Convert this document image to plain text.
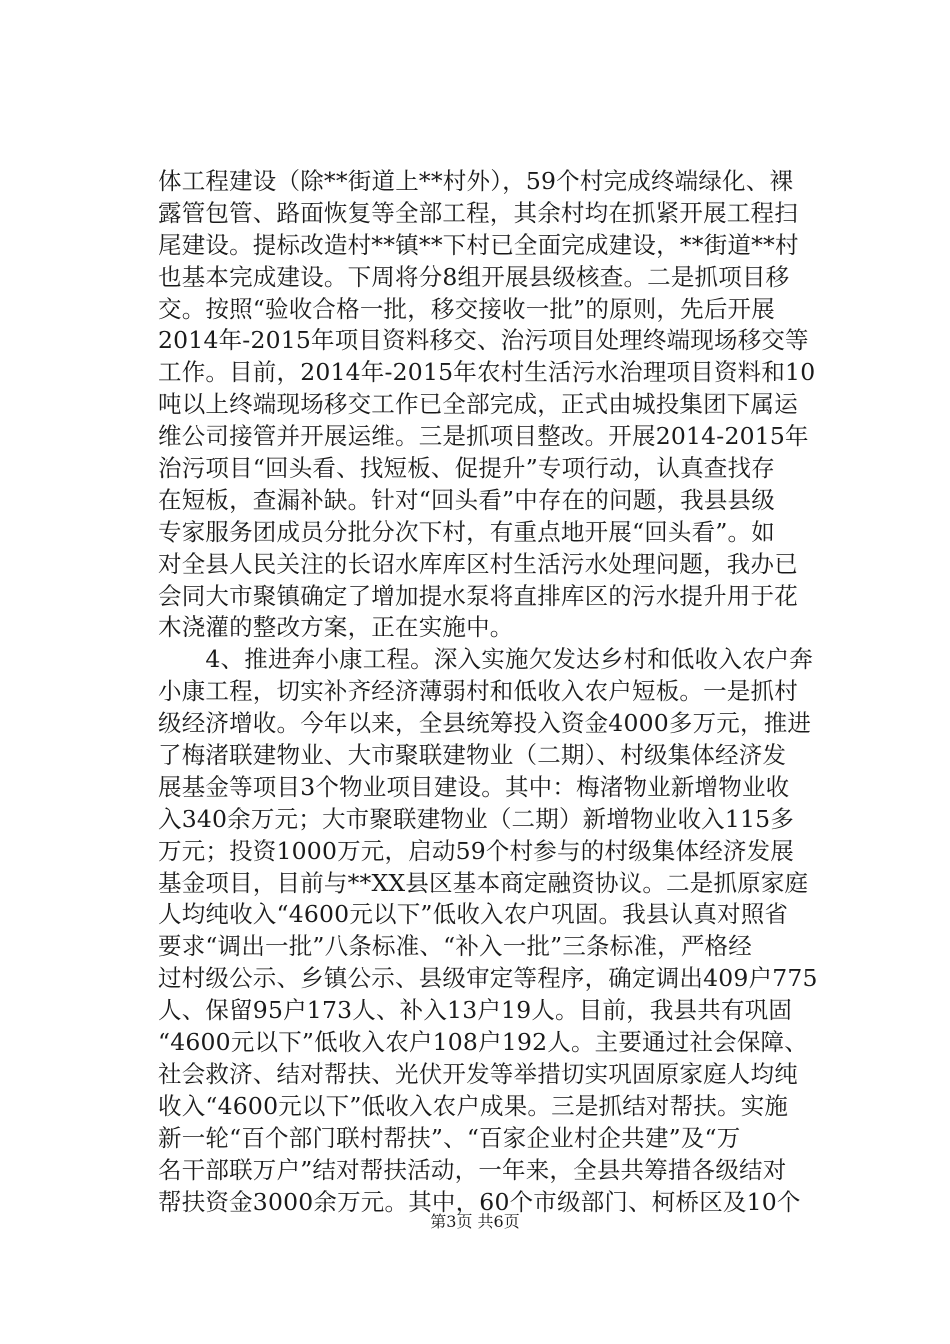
体工程建设（除**街道上**村外），59个村完成终端绿化、裸
露管包管、路面恢复等全部工程，其余村均在抓紧开展工程扫
尾建设。提标改造村**镇**下村已全面完成建设，**街道**村
也基本完成建设。下周将分8组开展县级核查。二是抓项目移
交。按照“验收合格一批，移交接收一批”的原则，先后开展
2014年-2015年项目资料移交、治污项目处理终端现场移交等
工作。目前，2014年-2015年农村生活污水治理项目资料和10
吨以上终端现场移交工作已全部完成，正式由城投集团下属运
维公司接管并开展运维。三是抓项目整改。开展2014-2015年
治污项目“回头看、找短板、促提升”专项行动，认真查找存
在短板，查漏补缺。针对“回头看”中存在的问题，我县县级
专家服务团成员分批分次下村，有重点地开展“回头看”。如
对全县人民关注的长诏水库库区村生活污水处理问题，我办已
会同大市聚镇确定了增加提水泵将直排库区的污水提升用于花
木浇灌的整改方案，正在实施中。
　　4、推进奔小康工程。深入实施欠发达乡村和低收入农户奔
小康工程，切实补齐经济薄弱村和低收入农户短板。一是抓村
级经济增收。今年以来，全县统筹投入资金4000多万元，推进
了梅渚联建物业、大市聚联建物业（二期）、村级集体经济发
展基金等项目3个物业项目建设。其中：梅渚物业新增物业收
入340余万元；大市聚联建物业（二期）新增物业收入115多
万元；投资1000万元，启动59个村参与的村级集体经济发展
基金项目，目前与**XX县区基本商定融资协议。二是抓原家庭
人均纯收入“4600元以下”低收入农户巩固。我县认真对照省
要求“调出一批”八条标准、“补入一批”三条标准，严格经
过村级公示、乡镇公示、县级审定等程序，确定调出409户775
人、保留95户173人、补入13户19人。目前，我县共有巩固
“4600元以下”低收入农户108户192人。主要通过社会保障、
社会救济、结对帮扶、光伏开发等举措切实巩固原家庭人均纯
收入“4600元以下”低收入农户成果。三是抓结对帮扶。实施
新一轮“百个部门联村帮扶”、“百家企业村企共建”及“万
名干部联万户”结对帮扶活动，一年来，全县共筹措各级结对
帮扶资金3000余万元。其中，60个市级部门、柯桥区及10个
第3页 共6页
